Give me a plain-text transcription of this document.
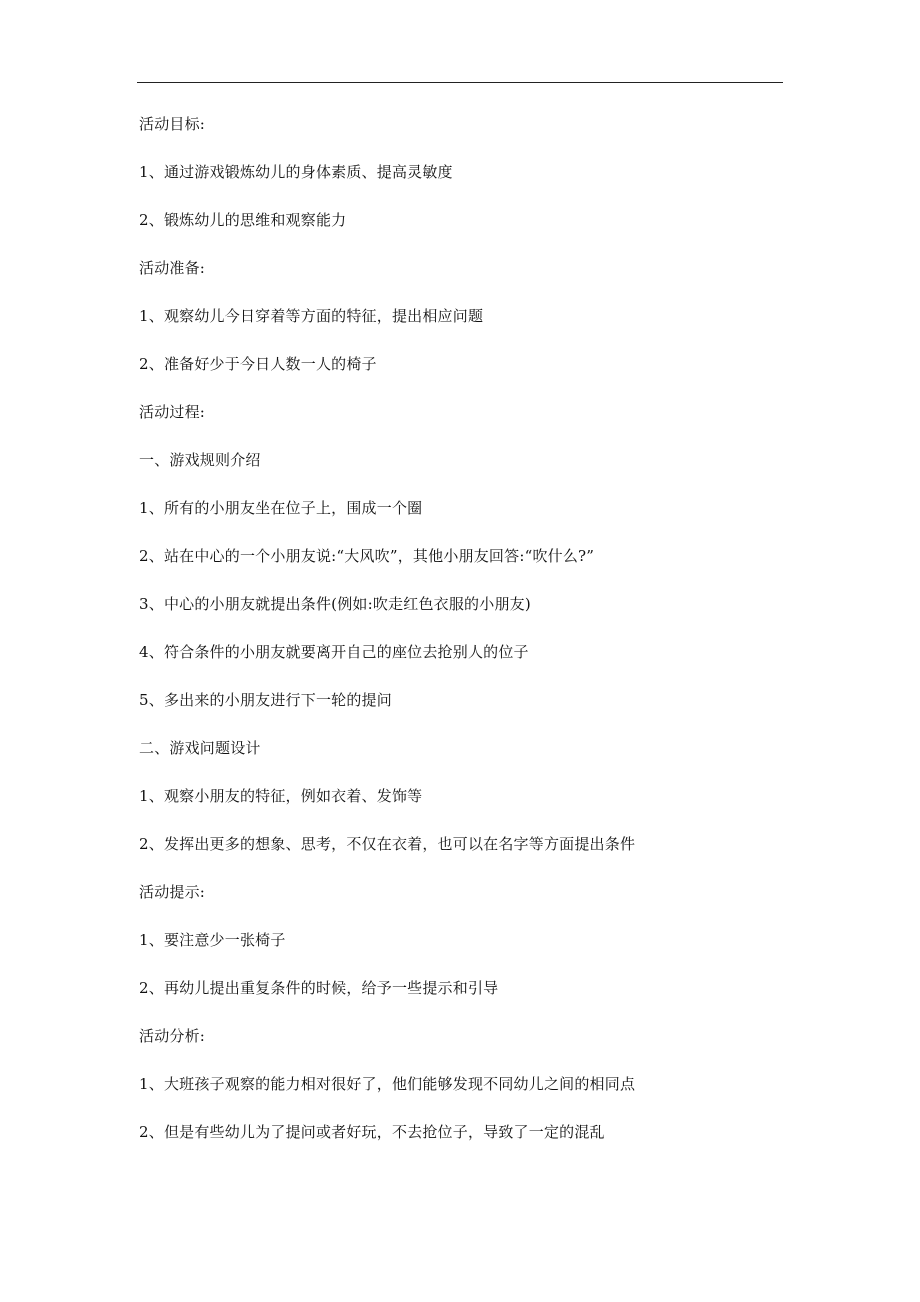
活动目标:
1、通过游戏锻炼幼儿的身体素质、提高灵敏度
2、锻炼幼儿的思维和观察能力
活动准备:
1、观察幼儿今日穿着等方面的特征，提出相应问题
2、准备好少于今日人数一人的椅子
活动过程:
一、游戏规则介绍
1、所有的小朋友坐在位子上，围成一个圈
2、站在中心的一个小朋友说:“大风吹”，其他小朋友回答:“吹什么?”
3、中心的小朋友就提出条件(例如:吹走红色衣服的小朋友)
4、符合条件的小朋友就要离开自己的座位去抢别人的位子
5、多出来的小朋友进行下一轮的提问
二、游戏问题设计
1、观察小朋友的特征，例如衣着、发饰等
2、发挥出更多的想象、思考，不仅在衣着，也可以在名字等方面提出条件
活动提示:
1、要注意少一张椅子
2、再幼儿提出重复条件的时候，给予一些提示和引导
活动分析:
1、大班孩子观察的能力相对很好了，他们能够发现不同幼儿之间的相同点
2、但是有些幼儿为了提问或者好玩，不去抢位子，导致了一定的混乱
